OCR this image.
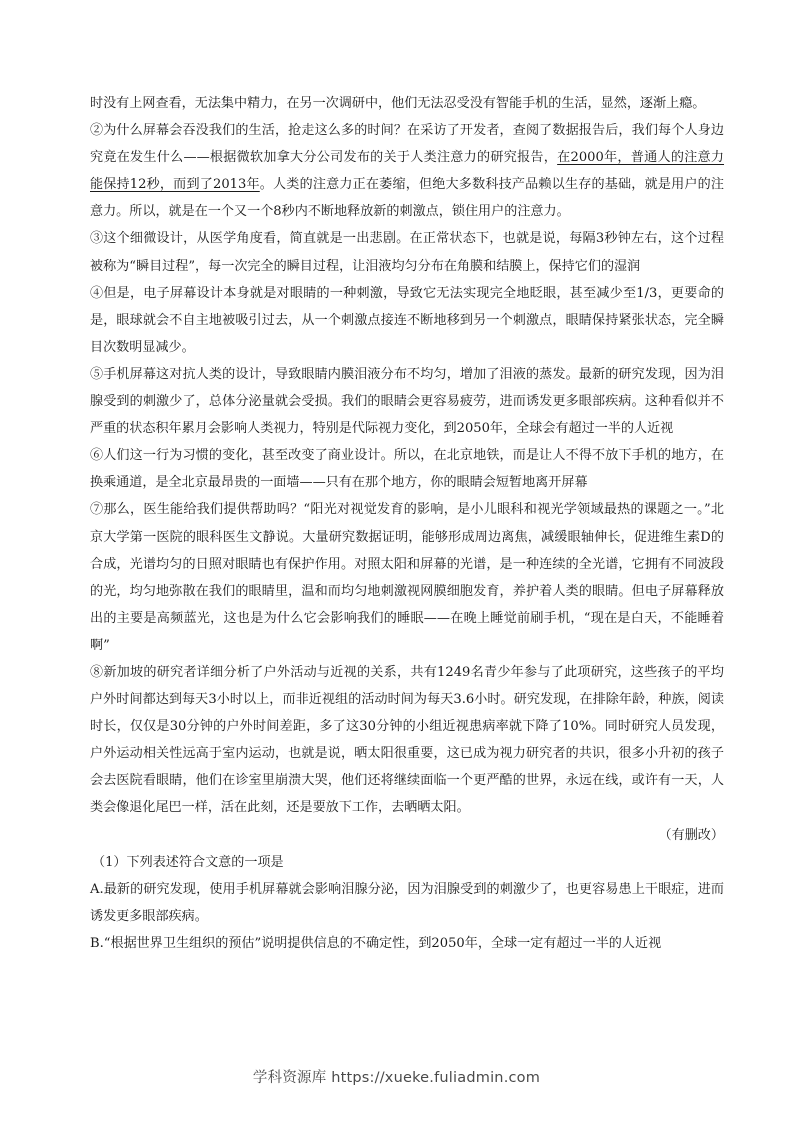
时没有上网查看，无法集中精力，在另一次调研中，他们无法忍受没有智能手机的生活，显然，逐渐上瘾。

②为什么屏幕会吞没我们的生活，抢走这么多的时间？在采访了开发者，查阅了数据报告后，我们每个人身边究竟在发生什么——根据微软加拿大分公司发布的关于人类注意力的研究报告，在2000年，普通人的注意力能保持12秒，而到了2013年。人类的注意力正在萎缩，但绝大多数科技产品赖以生存的基础，就是用户的注意力。所以，就是在一个又一个8秒内不断地释放新的刺激点，锁住用户的注意力。

③这个细微设计，从医学角度看，简直就是一出悲剧。在正常状态下，也就是说，每隔3秒钟左右，这个过程被称为“瞬目过程”，每一次完全的瞬目过程，让泪液均匀分布在角膜和结膜上，保持它们的湿润

④但是，电子屏幕设计本身就是对眼睛的一种刺激，导致它无法实现完全地眨眼，甚至减少至1/3，更要命的是，眼球就会不自主地被吸引过去，从一个刺激点接连不断地移到另一个刺激点，眼睛保持紧张状态，完全瞬目次数明显减少。

⑤手机屏幕这对抗人类的设计，导致眼睛内膜泪液分布不均匀，增加了泪液的蒸发。最新的研究发现，因为泪腺受到的刺激少了，总体分泌量就会受损。我们的眼睛会更容易疲劳，进而诱发更多眼部疾病。这种看似并不严重的状态积年累月会影响人类视力，特别是代际视力变化，到2050年，全球会有超过一半的人近视

⑥人们这一行为习惯的变化，甚至改变了商业设计。所以，在北京地铁，而是让人不得不放下手机的地方，在换乘通道，是全北京最昂贵的一面墙——只有在那个地方，你的眼睛会短暂地离开屏幕

⑦那么，医生能给我们提供帮助吗？“阳光对视觉发育的影响，是小儿眼科和视光学领域最热的课题之一。”北京大学第一医院的眼科医生文静说。大量研究数据证明，能够形成周边离焦，减缓眼轴伸长，促进维生素D的合成，光谱均匀的日照对眼睛也有保护作用。对照太阳和屏幕的光谱，是一种连续的全光谱，它拥有不同波段的光，均匀地弥散在我们的眼睛里，温和而均匀地刺激视网膜细胞发育，养护着人类的眼睛。但电子屏幕释放出的主要是高频蓝光，这也是为什么它会影响我们的睡眠——在晚上睡觉前刷手机，“现在是白天，不能睡着啊”

⑧新加坡的研究者详细分析了户外活动与近视的关系，共有1249名青少年参与了此项研究，这些孩子的平均户外时间都达到每天3小时以上，而非近视组的活动时间为每天3.6小时。研究发现，在排除年龄，种族，阅读时长，仅仅是30分钟的户外时间差距，多了这30分钟的小组近视患病率就下降了10%。同时研究人员发现，户外运动相关性远高于室内运动，也就是说，晒太阳很重要，这已成为视力研究者的共识，很多小升初的孩子会去医院看眼睛，他们在诊室里崩溃大哭，他们还将继续面临一个更严酷的世界，永远在线，或许有一天，人类会像退化尾巴一样，活在此刻，还是要放下工作，去晒晒太阳。

（有删改）

（1）下列表述符合文意的一项是

A.最新的研究发现，使用手机屏幕就会影响泪腺分泌，因为泪腺受到的刺激少了，也更容易患上干眼症，进而诱发更多眼部疾病。

B.“根据世界卫生组织的预估”说明提供信息的不确定性，到2050年，全球一定有超过一半的人近视

学科资源库 https://xueke.fuliadmin.com
